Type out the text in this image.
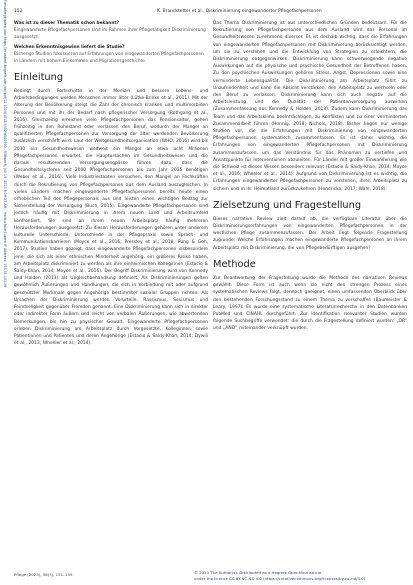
Heruntergeladen von: https://econtent.hogrefe.com/doi/pdf/10.1024/1012-5302/a000999 - Mittwoch, Juli 19, 2023 8:16:25 AM - Hochschule Luzern IP Address: 193.31.101.28	152	K. Brandstetter et al., Diskriminierung eingewanderter Pflegefachpersonen
Was ist zu dieser Thematik schon bekannt?
Eingewanderte Pflegefachpersonen sind im Rahmen ihrer Pflegetätigkeit Diskriminierung ausgesetzt.
Welchen Erkenntnisgewinn liefert die Studie?
Bisherige Studien fokussieren auf Erfahrungen von eingewanderten Pflegefachpersonen in Ländern mit hohem Einkommen und Migrationsgeschichte.
Einleitung

Bedingt durch Fortschritte in der Medizin und bessere Lebens- und Arbeitsbedingungen werden Menschen immer älter (Lütke-Brinke et al., 2011). Mit der Alterung der Bevölkerung steigt die Zahl der chronisch kranken und multimorbiden Personen und mit ihr der Bedarf nach pflegerischer Versorgung (Rothgang et al., 2016). Gleichzeitig erreichen viele Pflegefachpersonen das Pensionsalter, gehen frühzeitig in den Ruhestand oder verlassen den Beruf, wodurch der Mangel an qualifizierten Pflegefachpersonen zur Versorgung der älter werdenden Bevölkerung zusätzlich verschärft wird. Laut der Weltgesundheitsorganisation (WHO, 2016) wird bis 2030 ein Gesundheitswesen weltweit ein Mangel an etwa acht Millionen Pflegefachpersonen erwartet, die Hauptursachen im Gesundheitswesen und die daraus resultierenden Versorgungsengpässe führen dazu, dass die Gesundheitssysteme seit 2000 Pflegefachpersonen bis zum Jahr 2035 benötigen (Weber et al., 2016). Viele Industriestaaten versuchen, den Mangel an Fachkräften durch die Rekrutierung von Pflegefachpersonen aus dem Ausland auszugleichen. In vielen Ländern machen eingewanderte Pflegefachpersonen bereits heute einen erheblichen Teil des Pflegepersonals aus und leisten einen wichtigen Beitrag zur Sicherstellung der Versorgung (Buch, 2015). Eingewanderte Pflegefachpersonen sind jedoch häufig mit Diskriminierung in ihrem neuen Land und Arbeitsumfeld konfrontiert. Sie sind an ihrem neuen Arbeitsplatz häufig mehreren Herausforderungen ausgesetzt. Zu diesen Herausforderungen gehören unter anderem kulturelle Unterschiede, Unterschiede in der Pflegepraxis sowie Sprach- und Kommunikationsbarrieren (Moyce et al., 2016; Pressley et al., 2018; Pung & Goh, 2017). Studien haben gezeigt, dass eingewanderte Pflegefachpersonen insbesondere jene, die sich als einer ethnischen Minderheit angehörig, ein größeres Risiko haben, am Arbeitsplatz diskriminiert zu werden als ihre einheimischen Kolleginnen (Estacio & Saidy-Khan, 2014; Moyce et al., 2016). Der Begriff Diskriminierung wird von Kennedy und Holden (2013) als Ungleichbehandlung definiert. Als Diskriminierungen gelten gewöhnlich Äußerungen und Handlungen, die sich in Verbindung mit oder aufgrund geschützter Merkmale gegen Angehörige bestimmter sozialer Gruppen richten. Als Ursachen der Diskriminierung werden Vorurteile, Rassismus, Sexismus und Feindseligkeit gegenüber Fremden genannt. Eine Diskriminierung kann sich in direkter oder indirekter Form äußern und reicht von verbalen Äußerungen, wie abwertenden Bemerkungen, bis hin zu physischer Gewalt. Eingewanderte Pflegefachpersonen erleben Diskriminierung am Arbeitsplatz durch Vorgesetzte, Kolleginnen sowie Patientinnen und Patienten und deren Angehörige (Estacio & Saidy-Khan, 2014; Dywili et al., 2013; Wheeler et al., 2014).

Das Thema Diskriminierung ist aus unterschiedlichen Gründen bedeutsam. Für die Rekrutierung von Pflegefachpersonen aus dem Ausland wird das Personal im Gesundheitswesen zunehmend diverser. Es ist deshalb wichtig, dass die Erfahrungen von eingewanderten Pflegefachpersonen mit Diskriminierung berücksichtigt werden, um sie zu verstehen und die Entwicklung von Strategien zu erleichtern, die Diskriminierung entgegenwirken. Diskriminierung kann schwerwiegende negative Auswirkungen auf die physische und psychische Gesundheit der Betroffenen haben. Zu den psychischen Auswirkungen gehören Stress, Angst, Depressionen sowie eine verminderte Lebensqualität. Die Diskriminierung am Arbeitsplatz führt zu Unzufriedenheit und kann die Absicht verstärken, den Arbeitsplatz zu wechseln oder den Beruf zu verlassen. Diskriminierung kann sich auch negativ auf die Arbeitsleistung und die Qualität der Patientenversorgung auswirken (Zusammenfassung aus Kennedy & Holden, 2013). Zudem kann Diskriminierung das Team und das Arbeitsklima beeinträchtigen, zu Konflikten und zu einer verminderten Zusammenarbeit führen (Hennig, 2018; Nichols, 2018). Bisher liegen nur wenige Studien vor, die die Erfahrungen mit Diskriminierung von eingewanderten Pflegefachpersonen systematisch zusammenfassen. Es ist daher wichtig, die Erfahrungen von eingewanderten Pflegefachpersonen mit Diskriminierung zusammenzufassen, um das Verständnis für das Phänomen zu vertiefen und Ansatzpunkte für Interventionen abzuleiten. Für Länder mit großer Einwanderung wie die Schweiz ist dieses Wissen besonders relevant (Estacio & Saidy-Khan, 2014; Moyce et al., 2016; Wheeler et al., 2014). Aufgrund von Diskriminierung ist es wichtig, die Erfahrungen eingewanderter Pflegefachpersonen zu verstehen, ihren Arbeitsplatz zu sichern und in ihr Heimatland zurückzukehren (Hendrickx, 2017; Wahl, 2018).

Zielsetzung und Fragestellung

Dieses narrative Review zielt darauf ab, die verfügbare Literatur über die Diskriminierungserfahrungen von eingewanderten Pflegefachpersonen in der westlichen Pflege zusammenzufassen. Der Arbeit liegt folgende Fragestellung zugrunde: Welche Erfahrungen machen eingewanderte Pflegefachpersonen an ihrem Arbeitsplatz mit Diskriminierung, die von Pflegebedürftigen ausgehen?

Methode

Zur Beantwortung der Fragestellung wurde die Methode des narrativen Reviews gewählt. Diese Form ist auch wenn sie nicht den strengen Prozess eines systematischen Reviews folgt, dennoch geeignet, einen umfassenden Überblick über den bestehenden Forschungsstand zu einem Thema zu verschaffen (Baumeister & Leary, 1997). Es wurde eine systematische Literaturrecherche in den Datenbanken PubMed und CINAHL durchgeführt. Zur Identifikation relevanter Studien wurden folgende Suchbegriffe verwendet: die durch die Fragestellung definiert wurden: „OR“ und „AND“ miteinander verknüpft wurden.

Pflege (2023), 36(3), 151–159	© 2023 The Author(s). Distributed as a Hogrefe OpenMind article
under the license CC BY-NC-ND 4.0 (https://creativecommons.org/licenses/by-nc-nd/4.0)
